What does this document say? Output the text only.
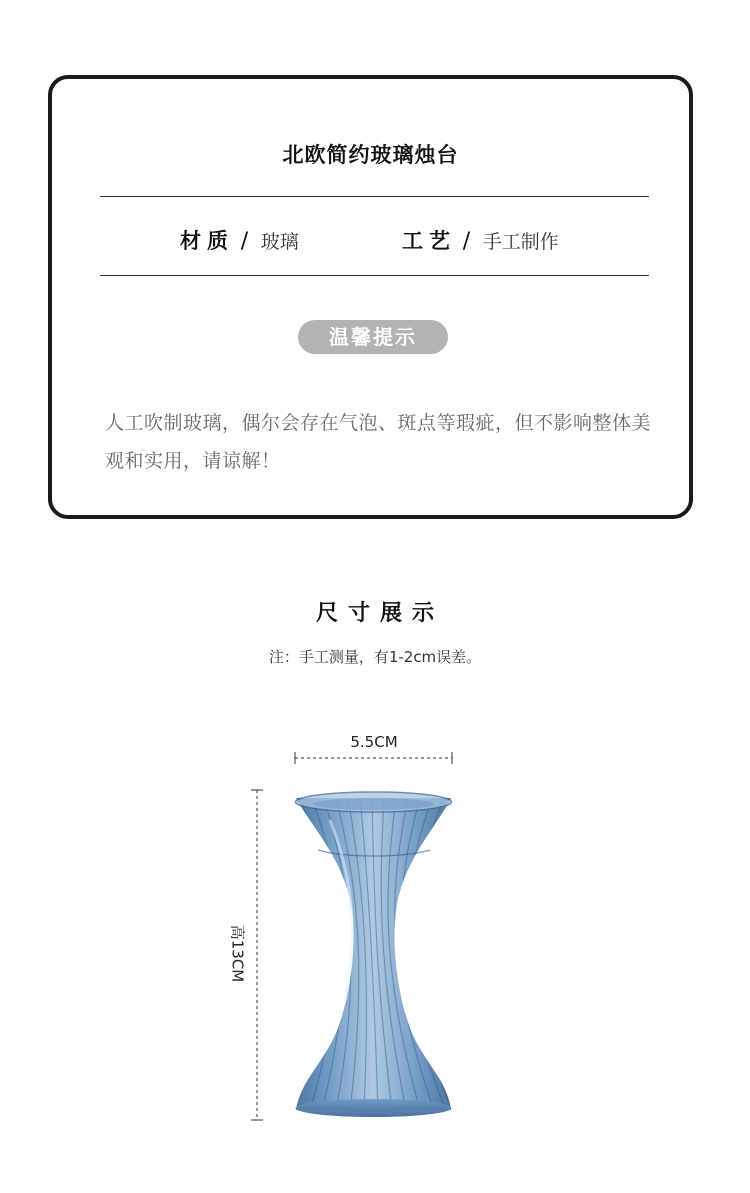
北欧简约玻璃烛台
材质 / 玻璃	工艺 / 手工制作
温馨提示
人工吹制玻璃，偶尔会存在气泡、斑点等瑕疵，但不影响整体美观和实用，请谅解！
尺寸展示
注：手工测量，有1-2cm误差。
5.5CM
高13CM
